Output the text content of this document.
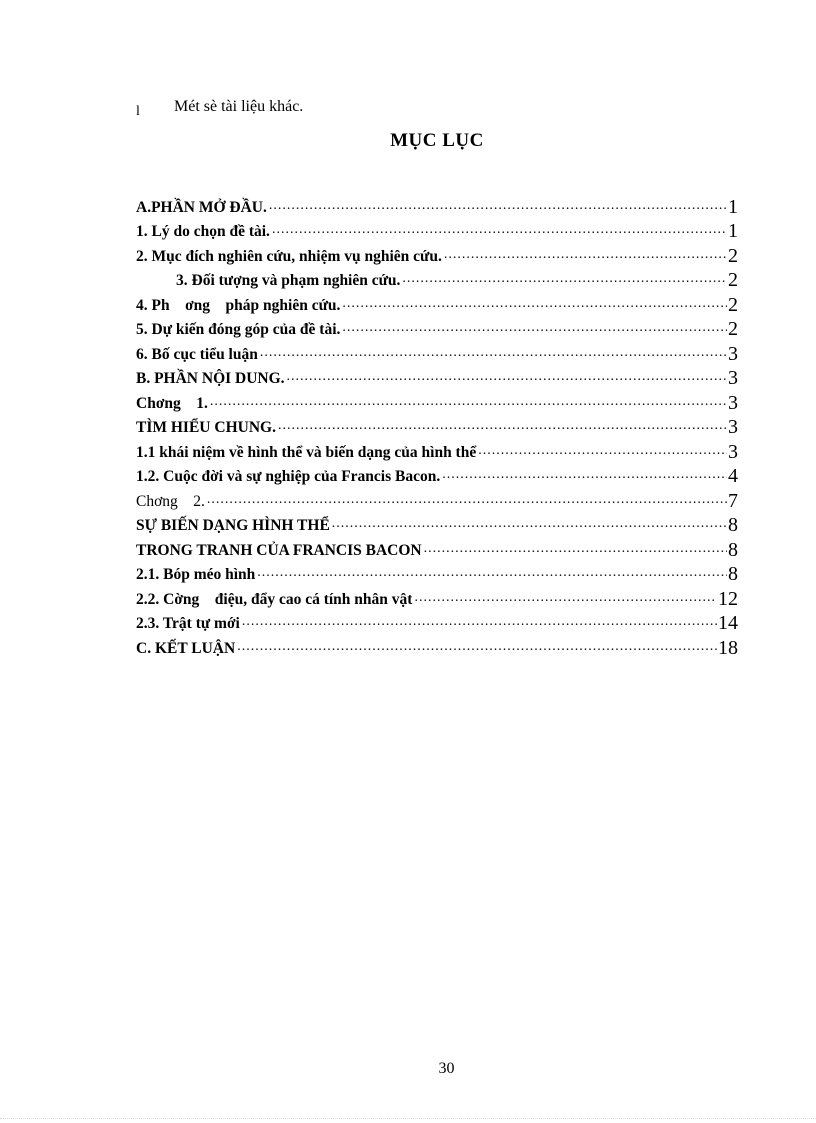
l Mét sè tài liệu khác.
MỤC LỤC
A.PHẦN MỞ ĐẦU. .....	1
1. Lý do chọn đề tài. .....	1
2. Mục đích nghiên cứu, nhiệm vụ nghiên cứu. .....	2
3. Đối tượng và phạm nghiên cứu. .....	2
4. Ph    ơng    pháp nghiên cứu. .....	2
5. Dự kiến đóng góp của đề tài. .....	2
6. Bố cục tiểu luận .....	3
B. PHẦN NỘI DUNG. .....	3
Chơng    1. .....	3
TÌM HIỂU CHUNG. .....	3
1.1 khái niệm về hình thể và biến dạng của hình thể .....	3
1.2. Cuộc đời và sự nghiệp của Francis Bacon. .....	4
Chơng    2. .....	7
SỰ BIẾN DẠNG HÌNH THỂ .....	8
TRONG TRANH CỦA FRANCIS BACON .....	8
2.1. Bóp méo hình .....	8
2.2. Cờng    điệu, đẩy cao cá tính nhân vật .....	12
2.3. Trật tự mới .....	14
C. KẾT LUẬN .....	18
30
